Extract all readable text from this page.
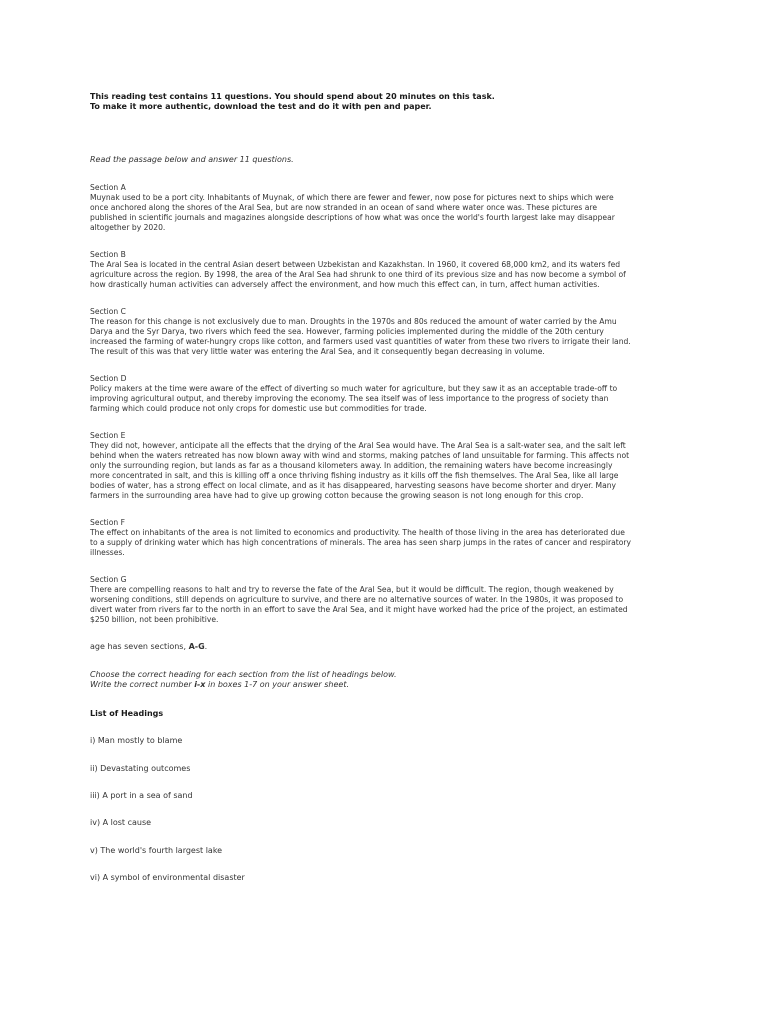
This reading test contains 11 questions. You should spend about 20 minutes on this task.
To make it more authentic, download the test and do it with pen and paper.
Read the passage below and answer 11 questions.
Section A
Muynak used to be a port city. Inhabitants of Muynak, of which there are fewer and fewer, now pose for pictures next to ships which were
once anchored along the shores of the Aral Sea, but are now stranded in an ocean of sand where water once was. These pictures are
published in scientific journals and magazines alongside descriptions of how what was once the world's fourth largest lake may disappear
altogether by 2020.
Section B
The Aral Sea is located in the central Asian desert between Uzbekistan and Kazakhstan. In 1960, it covered 68,000 km2, and its waters fed
agriculture across the region. By 1998, the area of the Aral Sea had shrunk to one third of its previous size and has now become a symbol of
how drastically human activities can adversely affect the environment, and how much this effect can, in turn, affect human activities.
Section C
The reason for this change is not exclusively due to man. Droughts in the 1970s and 80s reduced the amount of water carried by the Amu
Darya and the Syr Darya, two rivers which feed the sea. However, farming policies implemented during the middle of the 20th century
increased the farming of water-hungry crops like cotton, and farmers used vast quantities of water from these two rivers to irrigate their land.
The result of this was that very little water was entering the Aral Sea, and it consequently began decreasing in volume.
Section D
Policy makers at the time were aware of the effect of diverting so much water for agriculture, but they saw it as an acceptable trade-off to
improving agricultural output, and thereby improving the economy. The sea itself was of less importance to the progress of society than
farming which could produce not only crops for domestic use but commodities for trade.
Section E
They did not, however, anticipate all the effects that the drying of the Aral Sea would have. The Aral Sea is a salt-water sea, and the salt left
behind when the waters retreated has now blown away with wind and storms, making patches of land unsuitable for farming. This affects not
only the surrounding region, but lands as far as a thousand kilometers away. In addition, the remaining waters have become increasingly
more concentrated in salt, and this is killing off a once thriving fishing industry as it kills off the fish themselves. The Aral Sea, like all large
bodies of water, has a strong effect on local climate, and as it has disappeared, harvesting seasons have become shorter and dryer. Many
farmers in the surrounding area have had to give up growing cotton because the growing season is not long enough for this crop.
Section F
The effect on inhabitants of the area is not limited to economics and productivity. The health of those living in the area has deteriorated due
to a supply of drinking water which has high concentrations of minerals. The area has seen sharp jumps in the rates of cancer and respiratory
illnesses.
Section G
There are compelling reasons to halt and try to reverse the fate of the Aral Sea, but it would be difficult. The region, though weakened by
worsening conditions, still depends on agriculture to survive, and there are no alternative sources of water. In the 1980s, it was proposed to
divert water from rivers far to the north in an effort to save the Aral Sea, and it might have worked had the price of the project, an estimated
$250 billion, not been prohibitive.
age has seven sections, A-G.
Choose the correct heading for each section from the list of headings below.
Write the correct number i-x in boxes 1-7 on your answer sheet.
List of Headings
i) Man mostly to blame
ii) Devastating outcomes
iii) A port in a sea of sand
iv) A lost cause
v) The world's fourth largest lake
vi) A symbol of environmental disaster
